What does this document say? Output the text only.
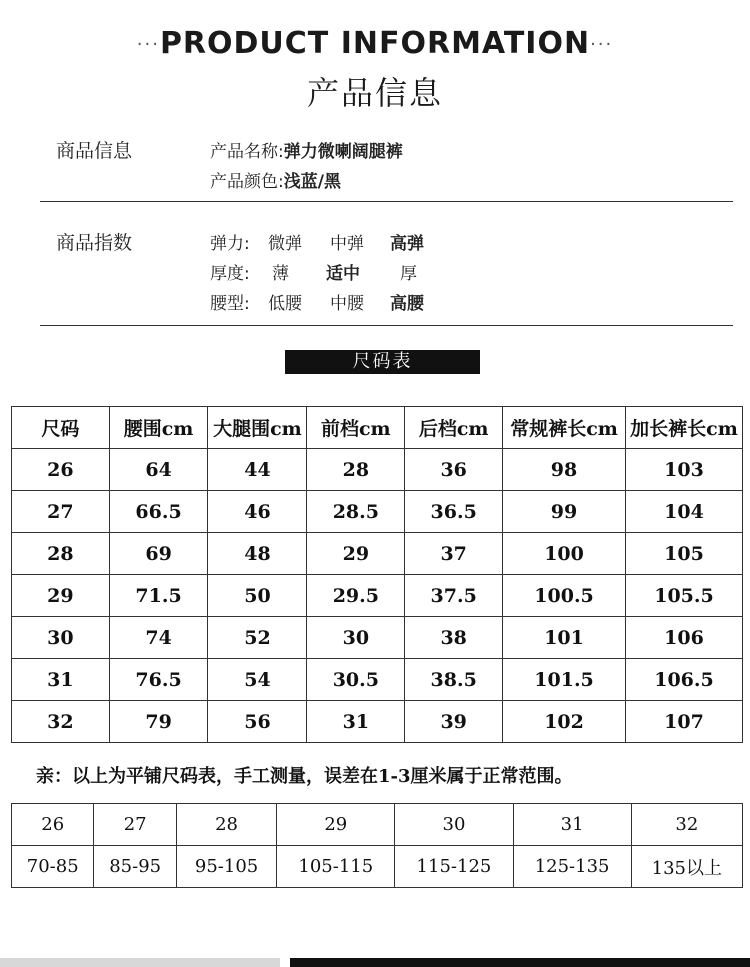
···PRODUCT INFORMATION···
产品信息
商品信息	产品名称:弹力微喇阔腿裤
产品颜色:浅蓝/黑
商品指数	弹力: 微弹 中弹 高弹
厚度: 薄 适中 厚
腰型: 低腰 中腰 高腰
尺码表
尺码	腰围cm	大腿围cm	前档cm	后档cm	常规裤长cm	加长裤长cm
26	64	44	28	36	98	103
27	66.5	46	28.5	36.5	99	104
28	69	48	29	37	100	105
29	71.5	50	29.5	37.5	100.5	105.5
30	74	52	30	38	101	106
31	76.5	54	30.5	38.5	101.5	106.5
32	79	56	31	39	102	107
亲：以上为平铺尺码表，手工测量，误差在1-3厘米属于正常范围。
26	27	28	29	30	31	32
70-85	85-95	95-105	105-115	115-125	125-135	135以上
